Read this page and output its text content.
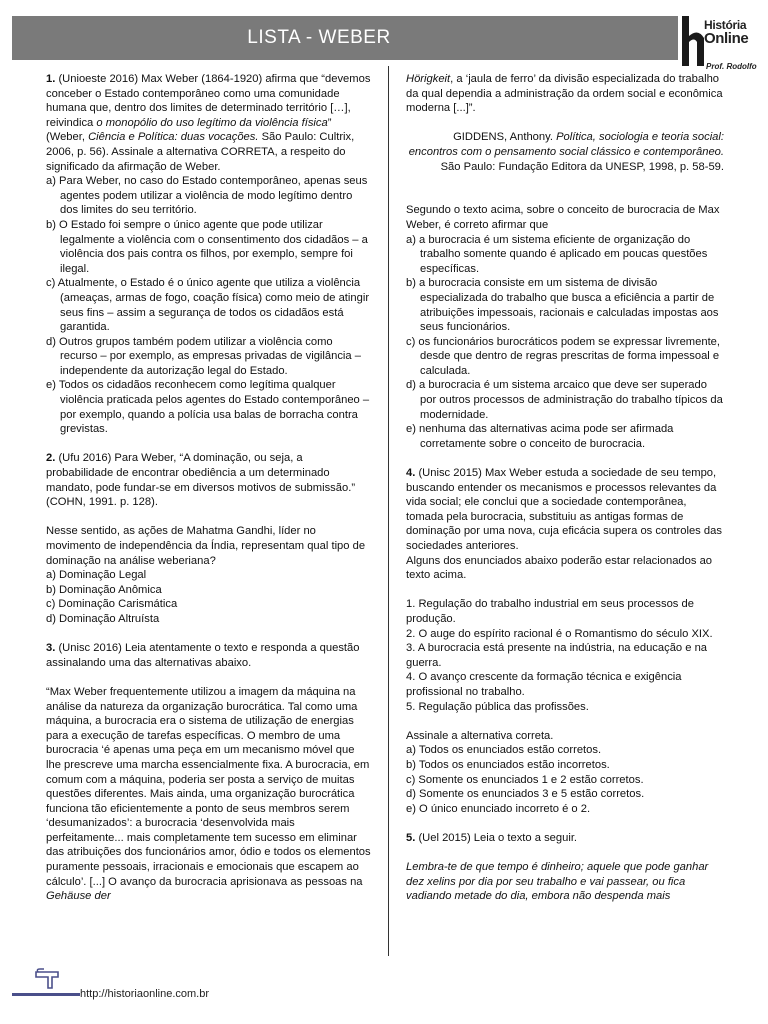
LISTA - WEBER
História
Online
Prof. Rodolfo

1. (Unioeste 2016) Max Weber (1864-1920) afirma que “devemos conceber o Estado contemporâneo como uma comunidade humana que, dentro dos limites de determinado território […], reivindica o monopólio do uso legítimo da violência física” (Weber, Ciência e Política: duas vocações. São Paulo: Cultrix, 2006, p. 56). Assinale a alternativa CORRETA, a respeito do significado da afirmação de Weber.

a) Para Weber, no caso do Estado contemporâneo, apenas seus agentes podem utilizar a violência de modo legítimo dentro dos limites do seu território.

b) O Estado foi sempre o único agente que pode utilizar legalmente a violência com o consentimento dos cidadãos – a violência dos pais contra os filhos, por exemplo, sempre foi ilegal.

c) Atualmente, o Estado é o único agente que utiliza a violência (ameaças, armas de fogo, coação física) como meio de atingir seus fins – assim a segurança de todos os cidadãos está garantida.

d) Outros grupos também podem utilizar a violência como recurso – por exemplo, as empresas privadas de vigilância – independente da autorização legal do Estado.

e) Todos os cidadãos reconhecem como legítima qualquer violência praticada pelos agentes do Estado contemporâneo – por exemplo, quando a polícia usa balas de borracha contra grevistas.

2. (Ufu 2016) Para Weber, “A dominação, ou seja, a probabilidade de encontrar obediência a um determinado mandato, pode fundar-se em diversos motivos de submissão.” (COHN, 1991. p. 128).

Nesse sentido, as ações de Mahatma Gandhi, líder no movimento de independência da Índia, representam qual tipo de dominação na análise weberiana?

a) Dominação Legal

b) Dominação Anômica

c) Dominação Carismática

d) Dominação Altruísta

3. (Unisc 2016) Leia atentamente o texto e responda a questão assinalando uma das alternativas abaixo.

“Max Weber frequentemente utilizou a imagem da máquina na análise da natureza da organização burocrática. Tal como uma máquina, a burocracia era o sistema de utilização de energias para a execução de tarefas específicas. O membro de uma burocracia ‘é apenas uma peça em um mecanismo móvel que lhe prescreve uma marcha essencialmente fixa. A burocracia, em comum com a máquina, poderia ser posta a serviço de muitas questões diferentes. Mais ainda, uma organização burocrática funciona tão eficientemente a ponto de seus membros serem ‘desumanizados’: a burocracia ‘desenvolvida mais perfeitamente... mais completamente tem sucesso em eliminar das atribuições dos funcionários amor, ódio e todos os elementos puramente pessoais, irracionais e emocionais que escapem ao cálculo’. [...] O avanço da burocracia aprisionava as pessoas na Gehäuse der

Hörigkeit, a ‘jaula de ferro’ da divisão especializada do trabalho da qual dependia a administração da ordem social e econômica moderna [...]”.

GIDDENS, Anthony. Política, sociologia e teoria social: encontros com o pensamento social clássico e contemporâneo. São Paulo: Fundação Editora da UNESP, 1998, p. 58-59.

Segundo o texto acima, sobre o conceito de burocracia de Max Weber, é correto afirmar que

a) a burocracia é um sistema eficiente de organização do trabalho somente quando é aplicado em poucas questões específicas.

b) a burocracia consiste em um sistema de divisão especializada do trabalho que busca a eficiência a partir de atribuições impessoais, racionais e calculadas impostas aos seus funcionários.

c) os funcionários burocráticos podem se expressar livremente, desde que dentro de regras prescritas de forma impessoal e calculada.

d) a burocracia é um sistema arcaico que deve ser superado por outros processos de administração do trabalho típicos da modernidade.

e) nenhuma das alternativas acima pode ser afirmada corretamente sobre o conceito de burocracia.

4. (Unisc 2015) Max Weber estuda a sociedade de seu tempo, buscando entender os mecanismos e processos relevantes da vida social; ele conclui que a sociedade contemporânea, tomada pela burocracia, substituiu as antigas formas de dominação por uma nova, cuja eficácia supera os controles das sociedades anteriores.

Alguns dos enunciados abaixo poderão estar relacionados ao texto acima.

1. Regulação do trabalho industrial em seus processos de produção.

2. O auge do espírito racional é o Romantismo do século XIX.

3. A burocracia está presente na indústria, na educação e na guerra.

4. O avanço crescente da formação técnica e exigência profissional no trabalho.

5. Regulação pública das profissões.

Assinale a alternativa correta.

a) Todos os enunciados estão corretos.

b) Todos os enunciados estão incorretos.

c) Somente os enunciados 1 e 2 estão corretos.

d) Somente os enunciados 3 e 5 estão corretos.

e) O único enunciado incorreto é o 2.

5. (Uel 2015) Leia o texto a seguir.

Lembra-te de que tempo é dinheiro; aquele que pode ganhar dez xelins por dia por seu trabalho e vai passear, ou fica vadiando metade do dia, embora não despenda mais

http://historiaonline.com.br
